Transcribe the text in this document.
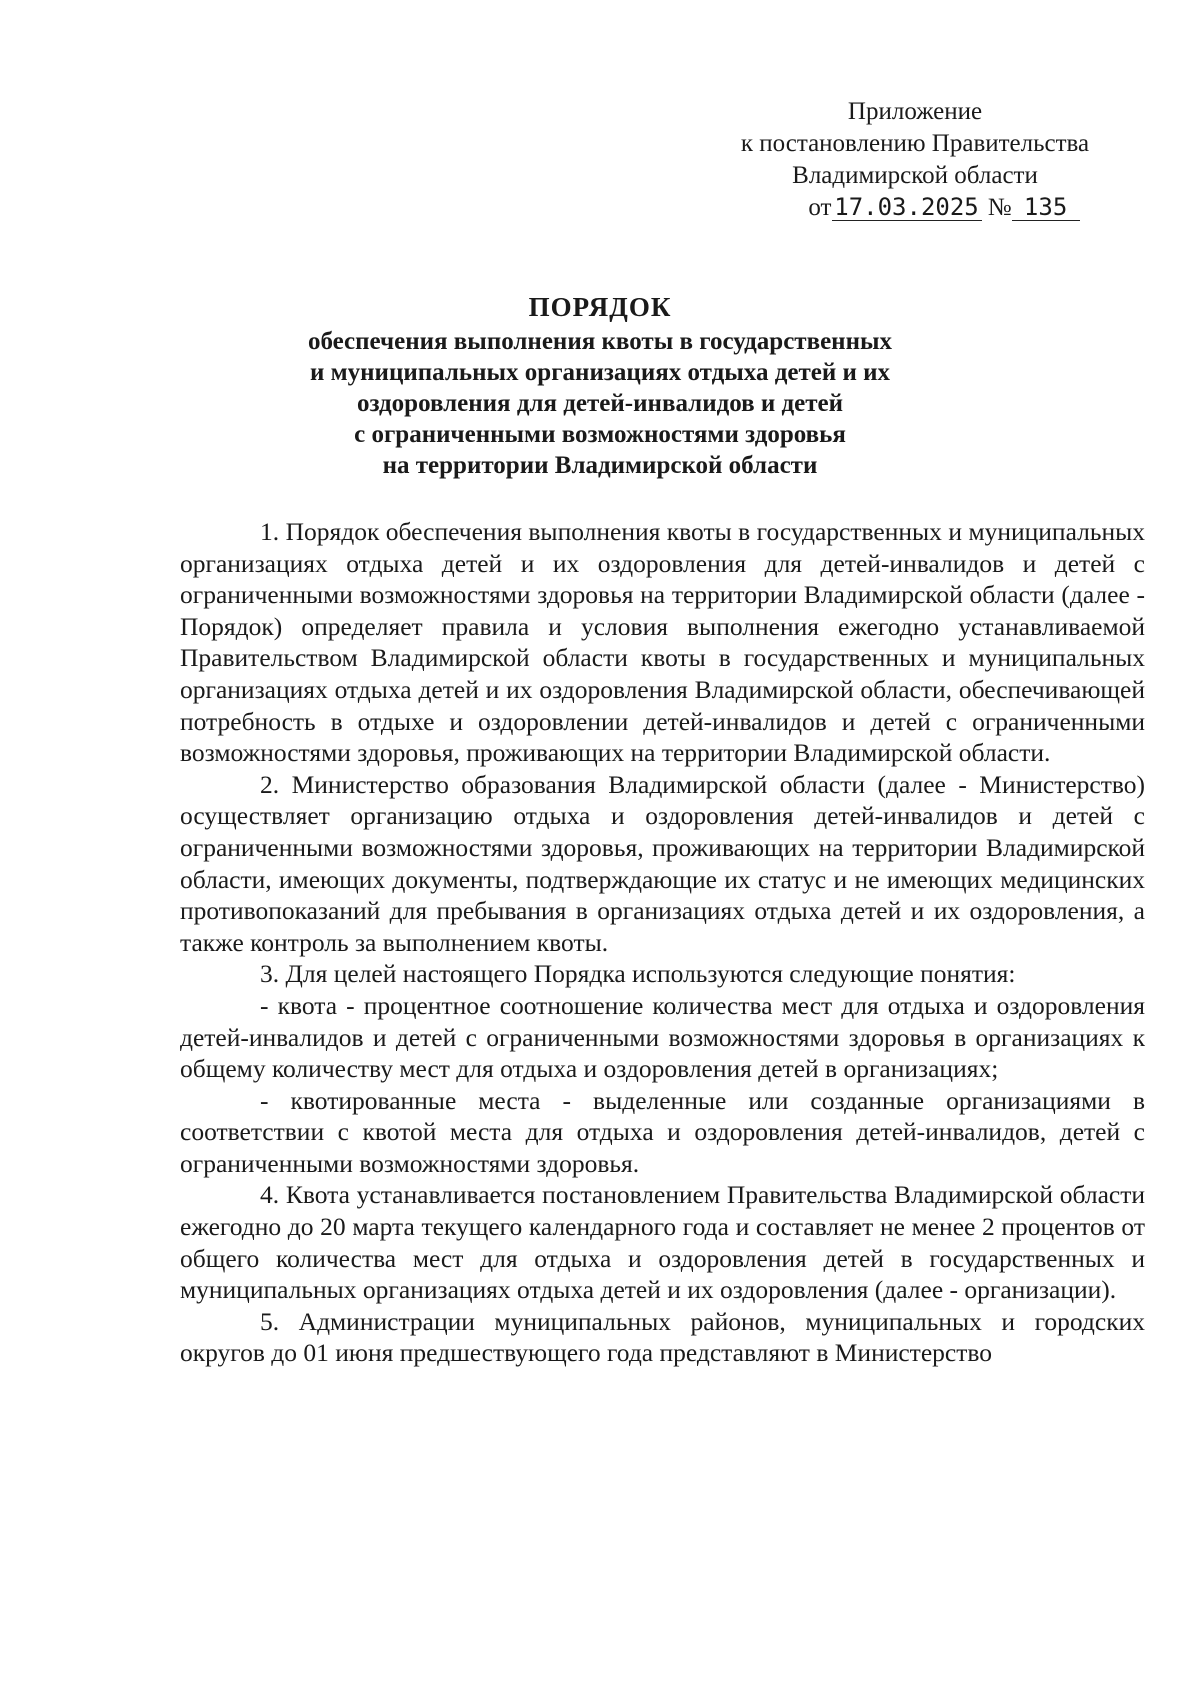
Приложение
к постановлению Правительства
Владимирской области
от 17.03.2025 № 135
ПОРЯДОК
обеспечения выполнения квоты в государственных
и муниципальных организациях отдыха детей и их
оздоровления для детей-инвалидов и детей
с ограниченными возможностями здоровья
на территории Владимирской области

1. Порядок обеспечения выполнения квоты в государственных и муниципальных организациях отдыха детей и их оздоровления для детей-инвалидов и детей с ограниченными возможностями здоровья на территории Владимирской области (далее - Порядок) определяет правила и условия выполнения ежегодно устанавливаемой Правительством Владимирской области квоты в государственных и муниципальных организациях отдыха детей и их оздоровления Владимирской области, обеспечивающей потребность в отдыхе и оздоровлении детей-инвалидов и детей с ограниченными возможностями здоровья, проживающих на территории Владимирской области.

2. Министерство образования Владимирской области (далее - Министерство) осуществляет организацию отдыха и оздоровления детей-инвалидов и детей с ограниченными возможностями здоровья, проживающих на территории Владимирской области, имеющих документы, подтверждающие их статус и не имеющих медицинских противопоказаний для пребывания в организациях отдыха детей и их оздоровления, а также контроль за выполнением квоты.

3. Для целей настоящего Порядка используются следующие понятия:

- квота - процентное соотношение количества мест для отдыха и оздоровления детей-инвалидов и детей с ограниченными возможностями здоровья в организациях к общему количеству мест для отдыха и оздоровления детей в организациях;

- квотированные места - выделенные или созданные организациями в соответствии с квотой места для отдыха и оздоровления детей-инвалидов, детей с ограниченными возможностями здоровья.

4. Квота устанавливается постановлением Правительства Владимирской области ежегодно до 20 марта текущего календарного года и составляет не менее 2 процентов от общего количества мест для отдыха и оздоровления детей в государственных и муниципальных организациях отдыха детей и их оздоровления (далее - организации).

5. Администрации муниципальных районов, муниципальных и городских округов до 01 июня предшествующего года представляют в Министерство
